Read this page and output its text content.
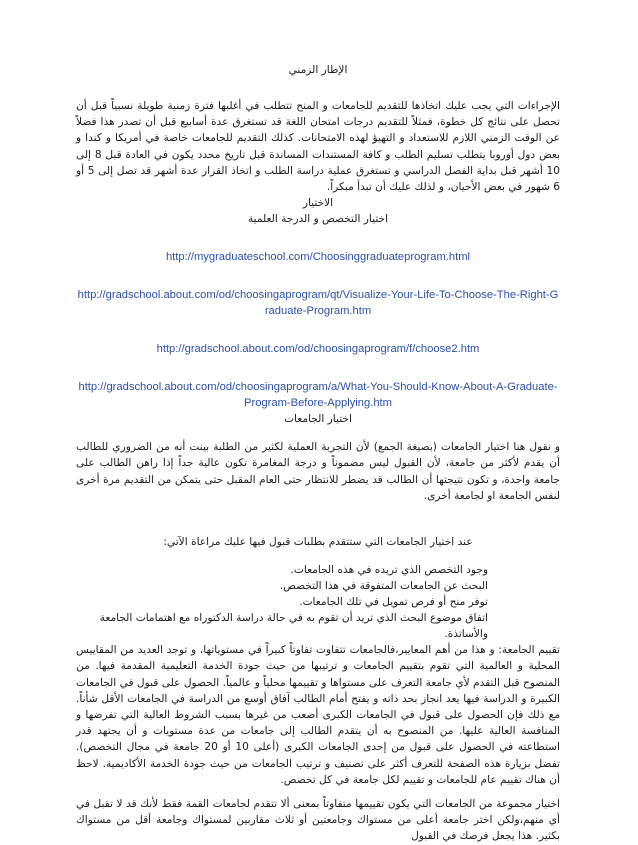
الإطار الزمني

الإجراءات التي يجب عليك اتخاذها للتقديم للجامعات و المنح تتطلب في أغلبها فترة زمنية طويلة نسبياً قبل أن تحصل على نتائج كل خطوة، فمثلاً للتقديم درجات امتحان اللغة قد تستغرق عدة أسابيع قبل أن تصدر هذا فضلاً عن الوقت الزمني اللازم للاستعداد و التهيؤ لهذه الامتحانات. كذلك التقديم للجامعات خاصة في أمريكا و كندا و بعض دول أوروبا يتطلب تسليم الطلب و كافة المستندات المساندة قبل تاريخ محدد يكون في العادة قبل 8 إلى 10 أشهر قبل بداية الفصل الدراسي و تستغرق عملية دراسة الطلب و اتخاذ القرار عدة أشهر قد تصل إلى 5 أو 6 شهور في بعض الأحيان، و لذلك عليك أن تبدأ مبكراً.

الاختيار

اختيار التخصص و الدرجة العلمية

http://mygraduateschool.com/Choosinggraduateprogram.html

http://gradschool.about.com/od/choosingaprogram/qt/Visualize-Your-Life-To-Choose-The-Right-Graduate-Program.htm

http://gradschool.about.com/od/choosingaprogram/f/choose2.htm

http://gradschool.about.com/od/choosingaprogram/a/What-You-Should-Know-About-A-Graduate-Program-Before-Applying.htm

اختيار الجامعات

و نقول هنا اختيار الجامعات (بصيغة الجمع) لأن التجربة العملية لكثير من الطلبة بينت أنه من الضروري للطالب أن يقدم لأكثر من جامعة، لأن القبول ليس مضموناً و درجة المغامرة تكون عالية جداً إذا راهن الطالب على جامعة واحدة، و تكون نتيجتها أن الطالب قد يضطر للانتظار حتى العام المقبل حتى يتمكن من التقديم مرة أخرى لنفس الجامعة او لجامعة أخرى.

عند اختيار الجامعات التي ستتقدم بطلبات قبول فيها عليك مراعاة الآتي:

وجود التخصص الذي تريده في هذه الجامعات.
البحث عن الجامعات المتفوقة في هذا التخصص.
توفر منح أو فرص تمويل في تلك الجامعات.
اتفاق موضوع البحث الذي تريد أن تقوم به في حالة دراسة الدكتوراه مع اهتمامات الجامعة والأساتذة.

تقييم الجامعة: و هذا من أهم المعايير،فالجامعات تتفاوت تفاوتاً كبيراً في مستوياتها، و توجد العديد من المقاييس المحلية و العالمية التي تقوم بتقييم الجامعات و ترتيبها من حيث جودة الخدمة التعليمية المقدمة فيها. من المنصوح قبل التقدم لأي جامعة التعرف على مستواها و تقييمها محلياً و عالمياً. الحصول على قبول في الجامعات الكبيرة و الدراسة فيها يعد انجاز بحد ذاته و يفتح أمام الطالب آفاق أوسع من الدراسة في الجامعات الأقل شأناً. مع ذلك فإن الحصول على قبول في الجامعات الكبرى أصعب من غيرها بسبب الشروط العالية التي تفرضها و المنافسة العالية عليها. من المنصوح به أن يتقدم الطالب إلى جامعات من عدة مستويات و أن يجتهد قدر استطاعته في الحصول على قبول من إحدى الجامعات الكبرى (أعلى 10 أو 20 جامعة في مجال التخصص). تفضل بزيارة هذه الصفحة للتعرف أكثر على تصنيف و ترتيب الجامعات من حيث جودة الخدمة الأكاديمية. لاحظ أن هناك تقييم عام للجامعات و تقييم لكل جامعة في كل تخصص.

اختيار مجموعة من الجامعات التي يكون تقييمها متفاوتاً بمعنى ألا تتقدم لجامعات القمة فقط لأنك قد لا تقبل في أي منهم،ولكن اختر جامعة أعلى من مستواك وجامعتين أو ثلاث مقاربين لمستواك وجامعة أقل من مستواك بكثير. هذا يجعل فرصك في القبول
